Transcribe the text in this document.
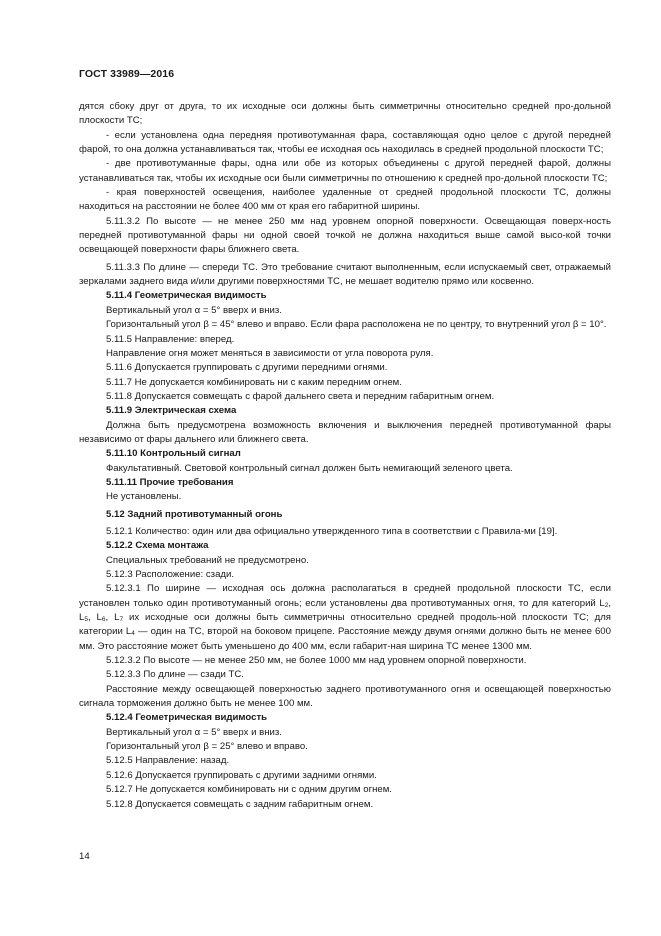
ГОСТ 33989—2016

дятся сбоку друг от друга, то их исходные оси должны быть симметричны относительно средней про-дольной плоскости ТС;

- если установлена одна передняя противотуманная фара, составляющая одно целое с другой передней фарой, то она должна устанавливаться так, чтобы ее исходная ось находилась в средней продольной плоскости ТС;

- две противотуманные фары, одна или обе из которых объединены с другой передней фарой, должны устанавливаться так, чтобы их исходные оси были симметричны по отношению к средней про-дольной плоскости ТС;

- края поверхностей освещения, наиболее удаленные от средней продольной плоскости ТС, должны находиться на расстоянии не более 400 мм от края его габаритной ширины.

5.11.3.2 По высоте — не менее 250 мм над уровнем опорной поверхности. Освещающая поверх-ность передней противотуманной фары ни одной своей точкой не должна находиться выше самой высо-кой точки освещающей поверхности фары ближнего света.

5.11.3.3 По длине — спереди ТС. Это требование считают выполненным, если испускаемый свет, отражаемый зеркалами заднего вида и/или другими поверхностями ТС, не мешает водителю прямо или косвенно.

5.11.4 Геометрическая видимость

Вертикальный угол α = 5° вверх и вниз.

Горизонтальный угол β = 45° влево и вправо. Если фара расположена не по центру, то внутренний угол β = 10°.

5.11.5 Направление: вперед.

Направление огня может меняться в зависимости от угла поворота руля.

5.11.6 Допускается группировать с другими передними огнями.

5.11.7 Не допускается комбинировать ни с каким передним огнем.

5.11.8 Допускается совмещать с фарой дальнего света и передним габаритным огнем.

5.11.9 Электрическая схема

Должна быть предусмотрена возможность включения и выключения передней противотуманной фары независимо от фары дальнего или ближнего света.

5.11.10 Контрольный сигнал

Факультативный. Световой контрольный сигнал должен быть немигающий зеленого цвета.

5.11.11 Прочие требования

Не установлены.

5.12 Задний противотуманный огонь

5.12.1 Количество: один или два официально утвержденного типа в соответствии с Правила-ми [19].

5.12.2 Схема монтажа

Специальных требований не предусмотрено.

5.12.3 Расположение: сзади.

5.12.3.1 По ширине — исходная ось должна располагаться в средней продольной плоскости ТС, если установлен только один противотуманный огонь; если установлены два противотуманных огня, то для категорий $L_2$, $L_5$, $L_6$, $L_7$ их исходные оси должны быть симметричны относительно средней продоль-ной плоскости ТС; для категории $L_4$ — один на ТС, второй на боковом прицепе. Расстояние между двумя огнями должно быть не менее 600 мм. Это расстояние может быть уменьшено до 400 мм, если габарит-ная ширина ТС менее 1300 мм.

5.12.3.2 По высоте — не менее 250 мм, не более 1000 мм над уровнем опорной поверхности.

5.12.3.3 По длине — сзади ТС.

Расстояние между освещающей поверхностью заднего противотуманного огня и освещающей поверхностью сигнала торможения должно быть не менее 100 мм.

5.12.4 Геометрическая видимость

Вертикальный угол α = 5° вверх и вниз.

Горизонтальный угол β = 25° влево и вправо.

5.12.5 Направление: назад.

5.12.6 Допускается группировать с другими задними огнями.

5.12.7 Не допускается комбинировать ни с одним другим огнем.

5.12.8 Допускается совмещать с задним габаритным огнем.

14
